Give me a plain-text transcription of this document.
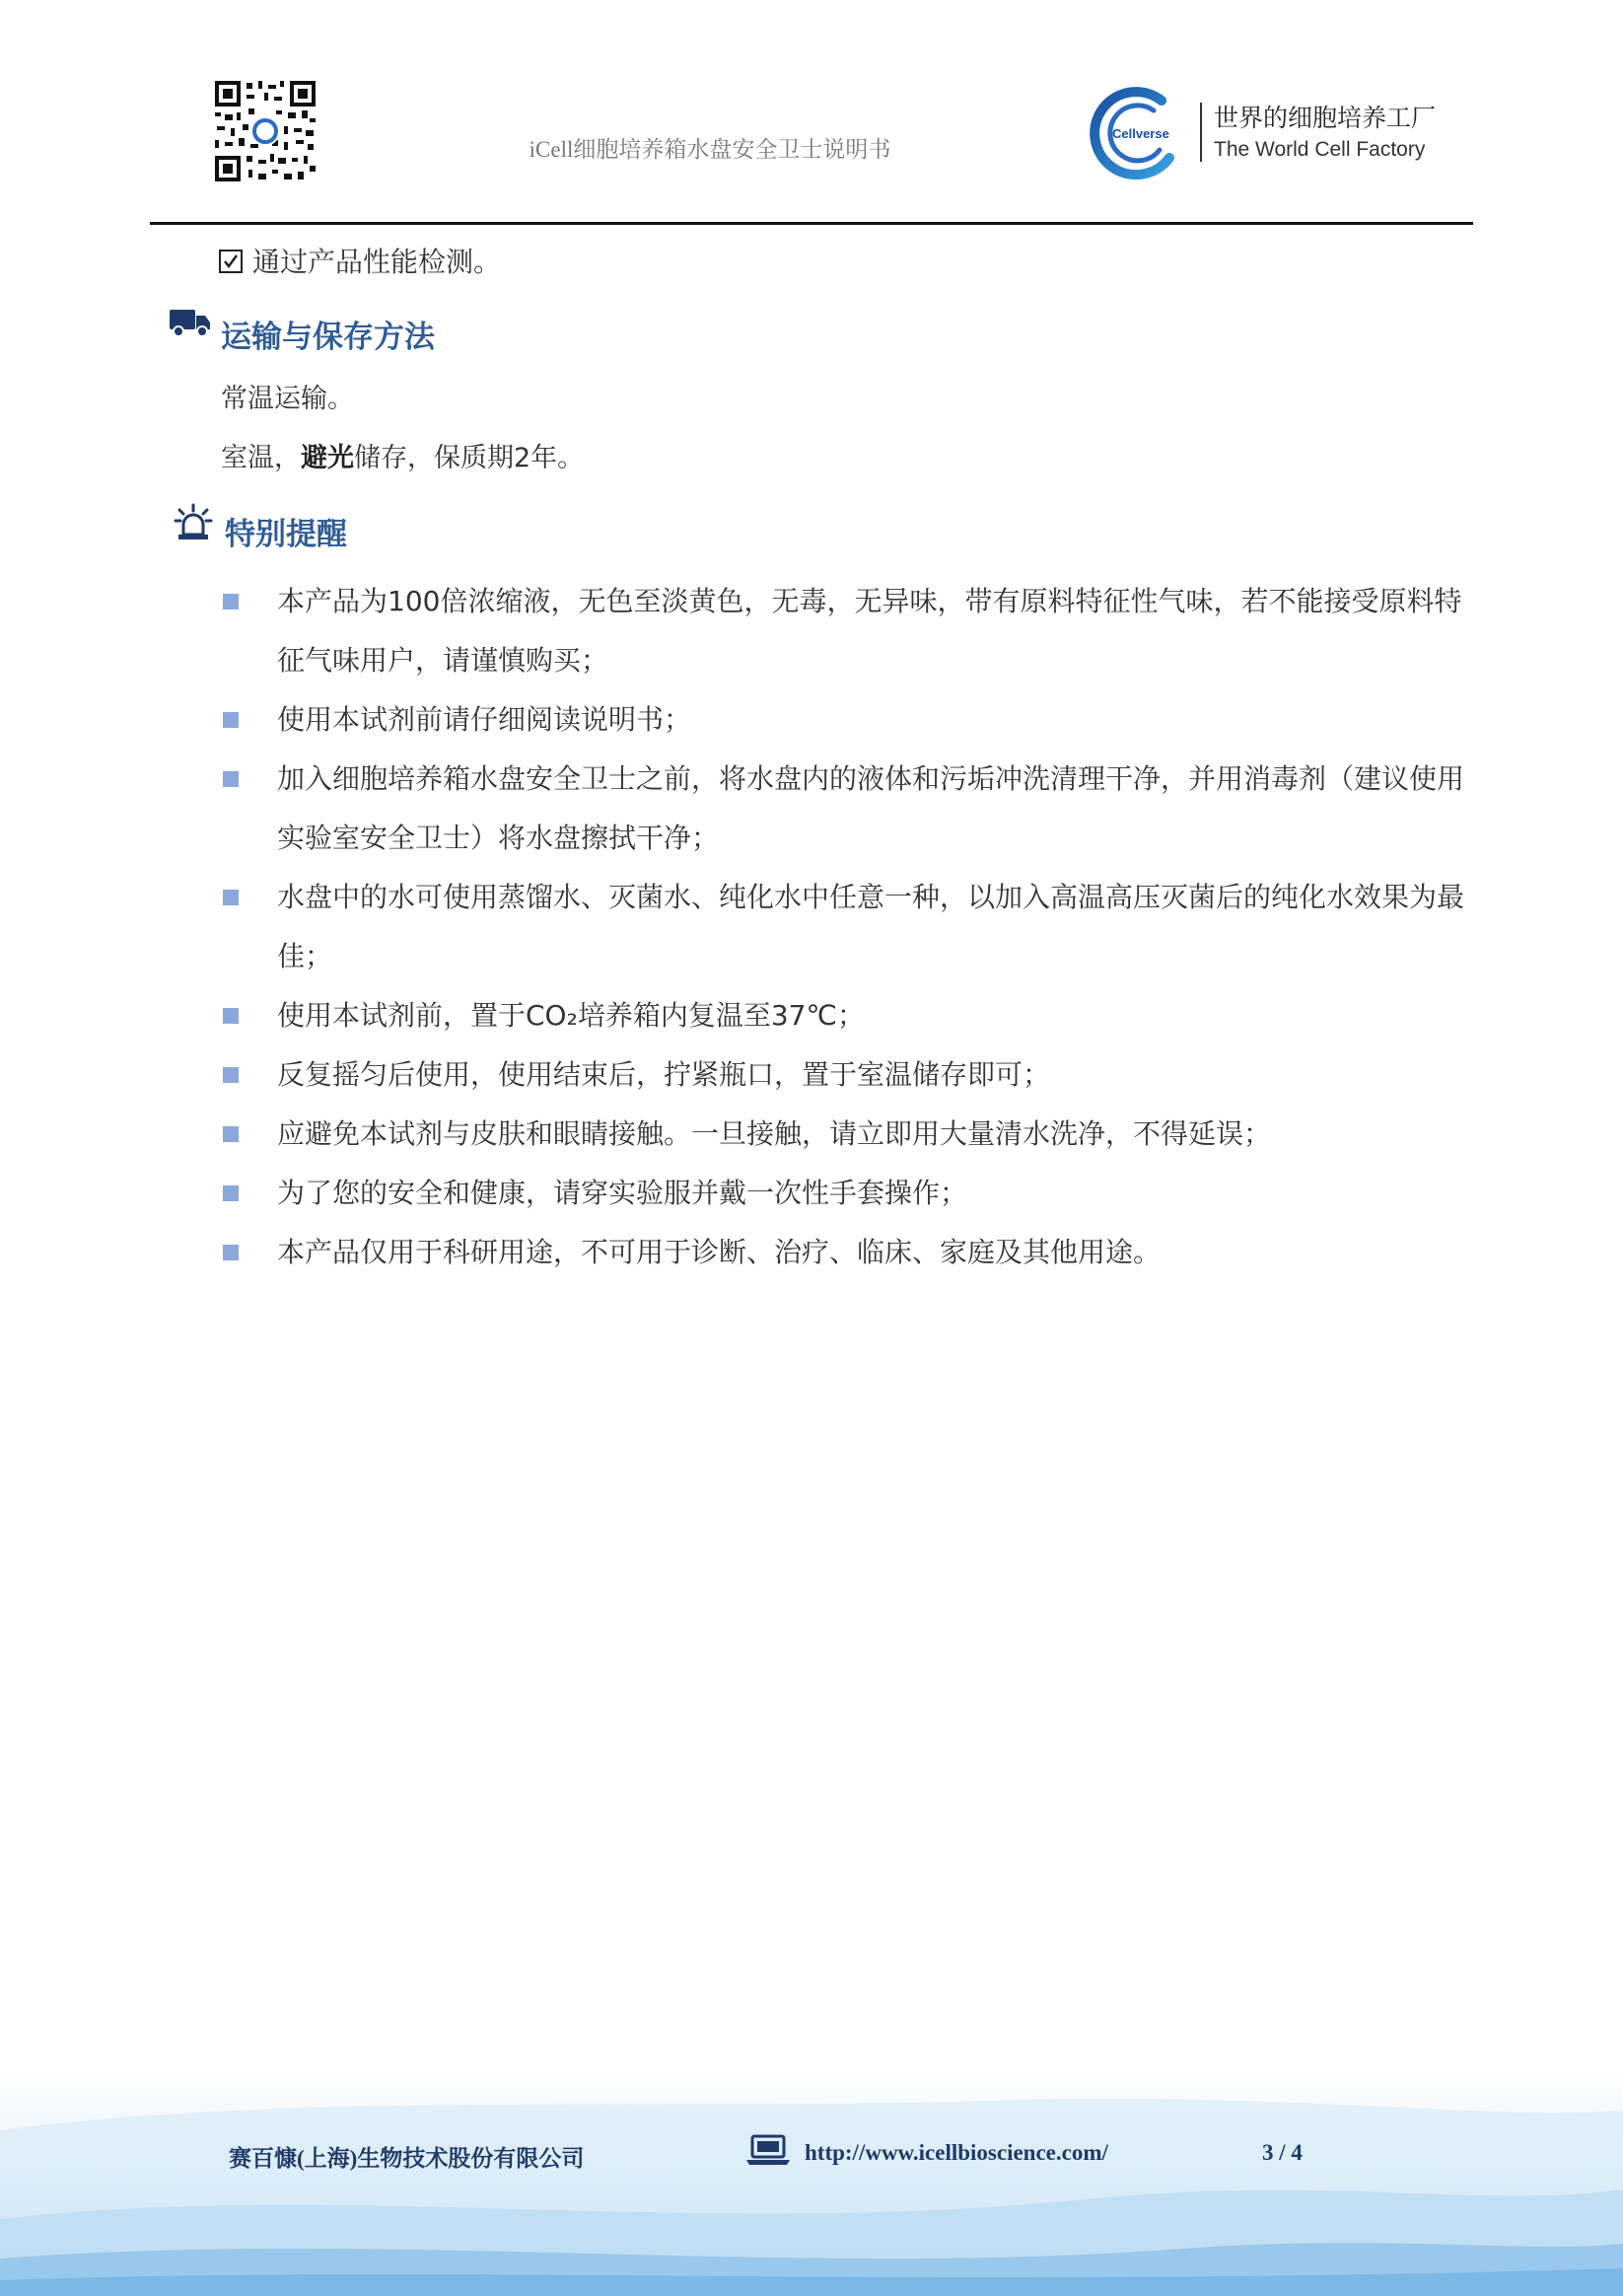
iCell细胞培养箱水盘安全卫士说明书
Cellverse
世界的细胞培养工厂
The World Cell Factory
通过产品性能检测。
运输与保存方法
常温运输。
室温，避光储存，保质期2年。
特别提醒
本产品为100倍浓缩液，无色至淡黄色，无毒，无异味，带有原料特征性气味，若不能接受原料特征气味用户，请谨慎购买；
使用本试剂前请仔细阅读说明书；
加入细胞培养箱水盘安全卫士之前，将水盘内的液体和污垢冲洗清理干净，并用消毒剂（建议使用实验室安全卫士）将水盘擦拭干净；
水盘中的水可使用蒸馏水、灭菌水、纯化水中任意一种，以加入高温高压灭菌后的纯化水效果为最佳；
使用本试剂前，置于CO₂培养箱内复温至37℃；
反复摇匀后使用，使用结束后，拧紧瓶口，置于室温储存即可；
应避免本试剂与皮肤和眼睛接触。一旦接触，请立即用大量清水洗净，不得延误；
为了您的安全和健康，请穿实验服并戴一次性手套操作；
本产品仅用于科研用途，不可用于诊断、治疗、临床、家庭及其他用途。
赛百慷(上海)生物技术股份有限公司	http://www.icellbioscience.com/	3 / 4
